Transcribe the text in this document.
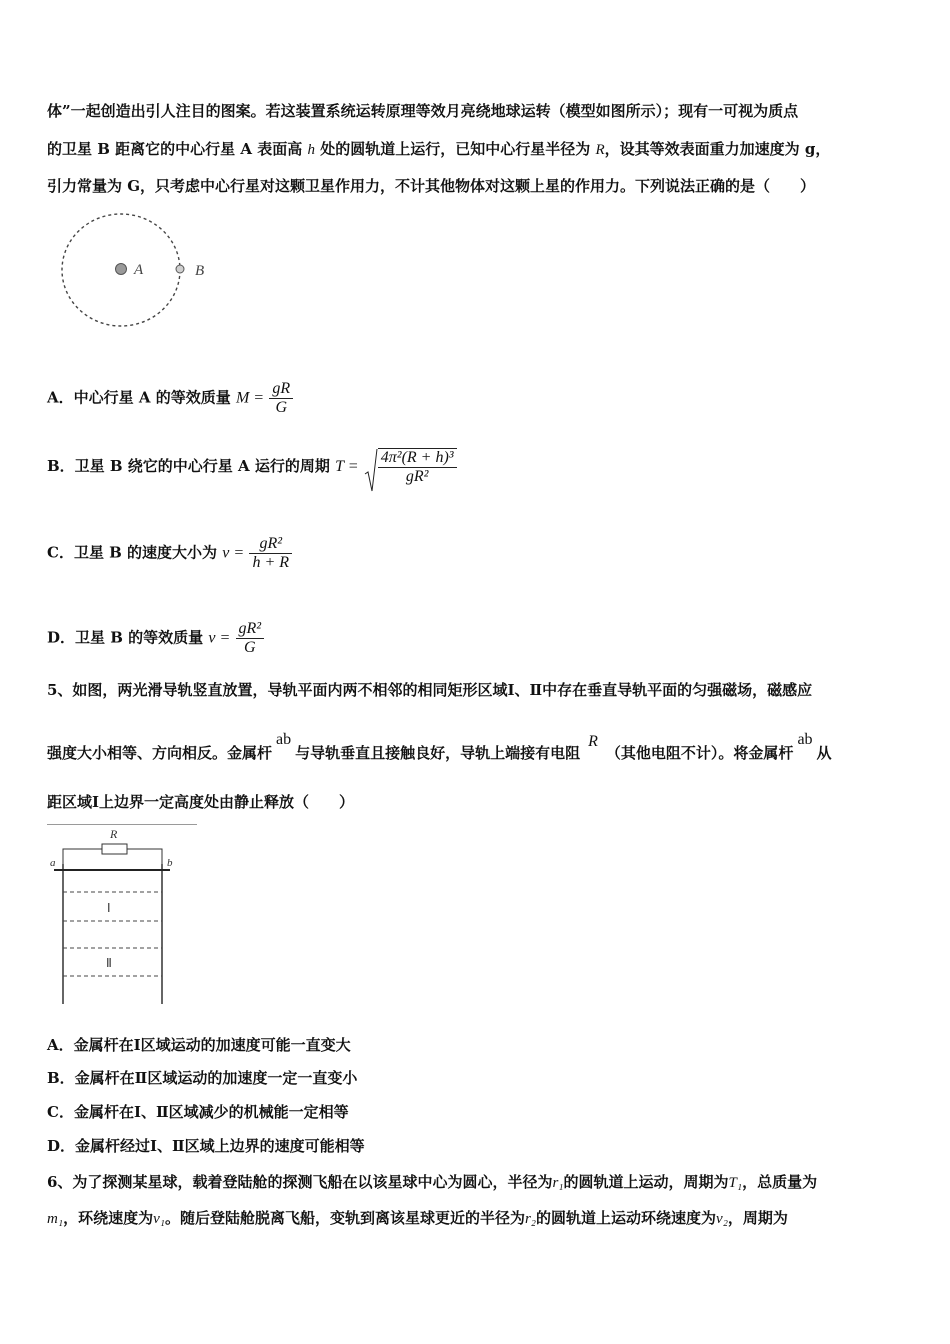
体”一起创造出引人注目的图案。若这装置系统运转原理等效月亮绕地球运转（模型如图所示）；现有一可视为质点
的卫星 B 距离它的中心行星 A 表面高 h 处的圆轨道上运行，已知中心行星半径为 R，设其等效表面重力加速度为 g，
引力常量为 G，只考虑中心行星对这颗卫星作用力，不计其他物体对这颗上星的作用力。下列说法正确的是（　　）
A	B
A．中心行星 A 的等效质量 $M = \frac{gR}{G}$
B．卫星 B 绕它的中心行星 A 运行的周期 $T = \frac{\text{4π²(R + h)³}}{\text{gR²}}$
C．卫星 B 的速度大小为 $v = \frac{\text{gR²}}{h + R}$
D．卫星 B 的等效质量 $v = \frac{\text{gR²}}{G}$
5、如图，两光滑导轨竖直放置，导轨平面内两不相邻的相同矩形区域Ⅰ、Ⅱ中存在垂直导轨平面的匀强磁场，磁感应
强度大小相等、方向相反。金属杆ab与导轨垂直且接触良好，导轨上端接有电阻R（其他电阻不计）。将金属杆ab从
距区域Ⅰ上边界一定高度处由静止释放（　　）
R
a	b
Ⅰ
Ⅱ
A．金属杆在Ⅰ区域运动的加速度可能一直变大
B．金属杆在Ⅱ区域运动的加速度一定一直变小
C．金属杆在Ⅰ、Ⅱ区域减少的机械能一定相等
D．金属杆经过Ⅰ、Ⅱ区域上边界的速度可能相等
6、为了探测某星球，载着登陆舱的探测飞船在以该星球中心为圆心，半径为r₁的圆轨道上运动，周期为T₁，总质量为
m₁，环绕速度为v₁。随后登陆舱脱离飞船，变轨到离该星球更近的半径为r₂的圆轨道上运动环绕速度为v₂，周期为
